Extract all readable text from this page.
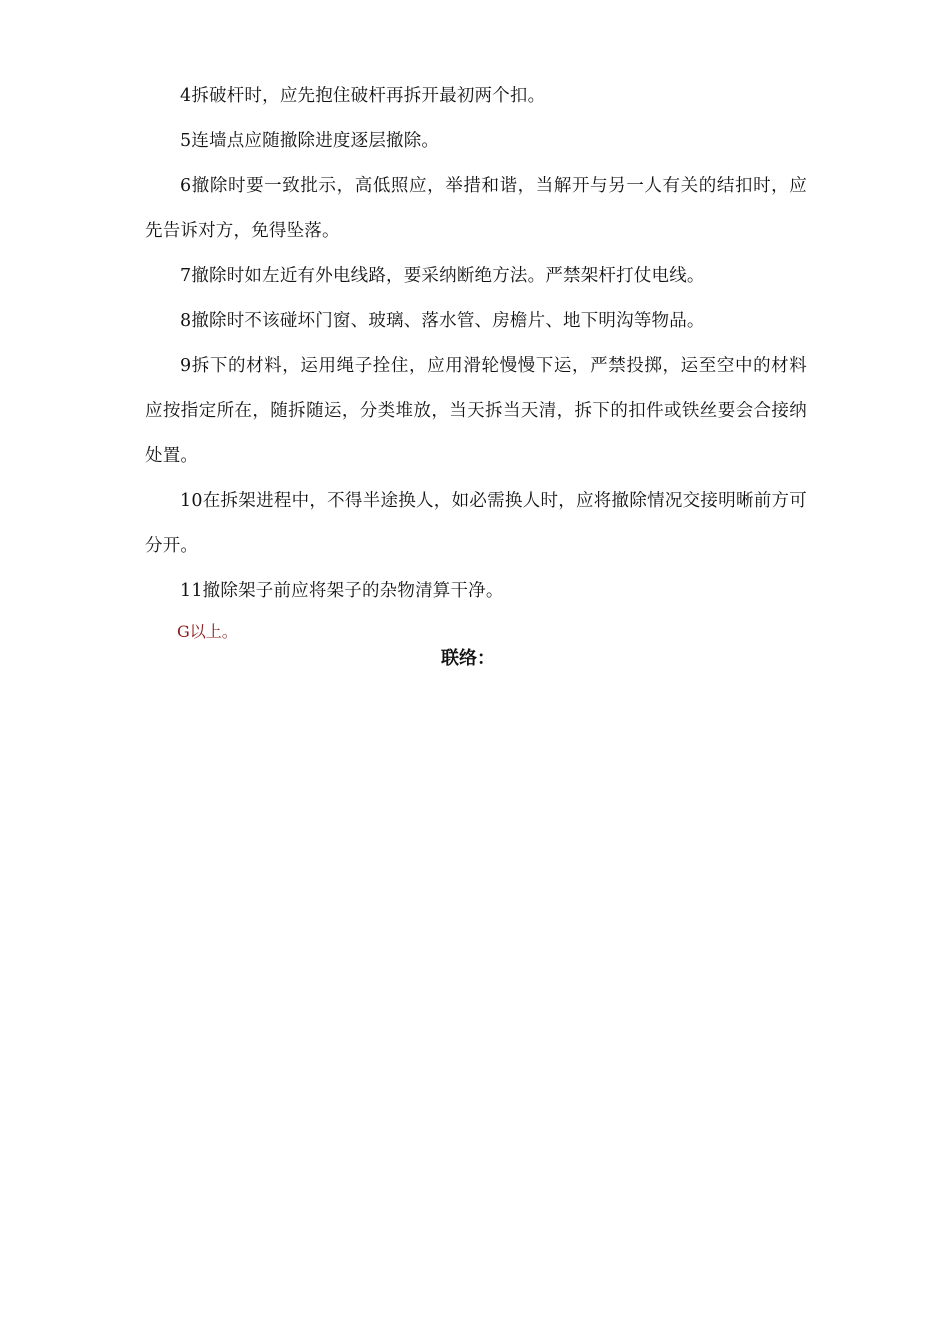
4拆破杆时，应先抱住破杆再拆开最初两个扣。

5连墙点应随撤除进度逐层撤除。

6撤除时要一致批示，高低照应，举措和谐，当解开与另一人有关的结扣时，应先告诉对方，免得坠落。

7撤除时如左近有外电线路，要采纳断绝方法。严禁架杆打仗电线。

8撤除时不该碰坏门窗、玻璃、落水管、房檐片、地下明沟等物品。

9拆下的材料，运用绳子拴住，应用滑轮慢慢下运，严禁投掷，运至空中的材料应按指定所在，随拆随运，分类堆放，当天拆当天清，拆下的扣件或铁丝要会合接纳处置。

10在拆架进程中，不得半途换人，如必需换人时，应将撤除情况交接明晰前方可分开。

11撤除架子前应将架子的杂物清算干净。

G以上。

联络：
